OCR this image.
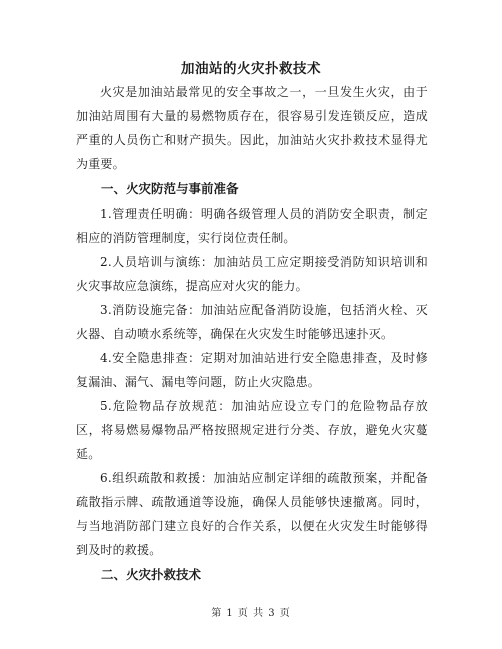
加油站的火灾扑救技术

火灾是加油站最常见的安全事故之一，一旦发生火灾，由于加油站周围有大量的易燃物质存在，很容易引发连锁反应，造成严重的人员伤亡和财产损失。因此，加油站火灾扑救技术显得尤为重要。

一、火灾防范与事前准备

1.管理责任明确：明确各级管理人员的消防安全职责，制定相应的消防管理制度，实行岗位责任制。

2.人员培训与演练：加油站员工应定期接受消防知识培训和火灾事故应急演练，提高应对火灾的能力。

3.消防设施完备：加油站应配备消防设施，包括消火栓、灭火器、自动喷水系统等，确保在火灾发生时能够迅速扑灭。

4.安全隐患排查：定期对加油站进行安全隐患排查，及时修复漏油、漏气、漏电等问题，防止火灾隐患。

5.危险物品存放规范：加油站应设立专门的危险物品存放区，将易燃易爆物品严格按照规定进行分类、存放，避免火灾蔓延。

6.组织疏散和救援：加油站应制定详细的疏散预案，并配备疏散指示牌、疏散通道等设施，确保人员能够快速撤离。同时，与当地消防部门建立良好的合作关系，以便在火灾发生时能够得到及时的救援。

二、火灾扑救技术

第 1 页 共 3 页
